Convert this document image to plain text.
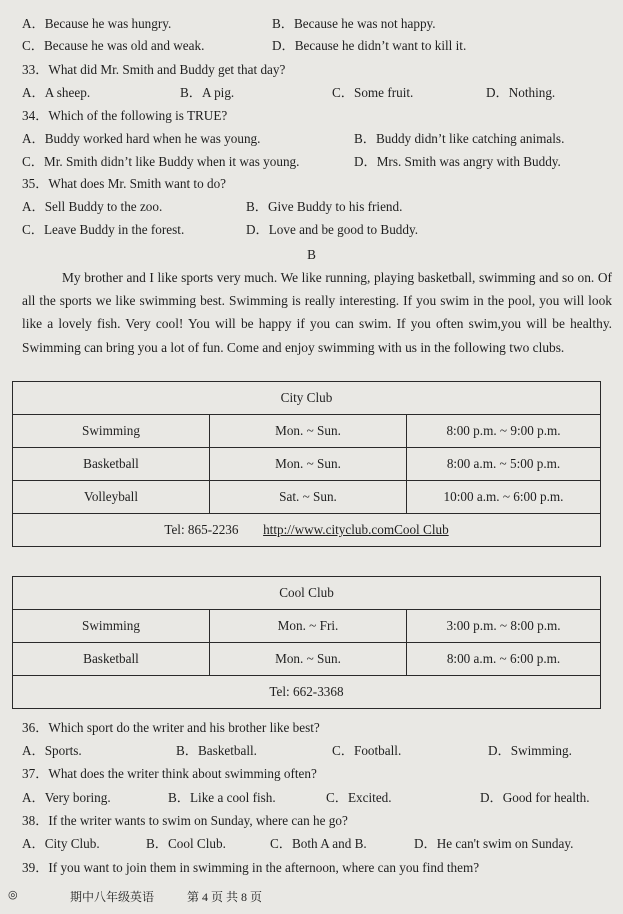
A．Because he was hungry.	B．Because he was not happy.
C．Because he was old and weak.	D．Because he didn’t want to kill it.
33．What did Mr. Smith and Buddy get that day?
A．A sheep.	B．A pig.	C．Some fruit.	D．Nothing.
34．Which of the following is TRUE?
A．Buddy worked hard when he was young.	B．Buddy didn’t like catching animals.
C．Mr. Smith didn’t like Buddy when it was young.	D．Mrs. Smith was angry with Buddy.
35．What does Mr. Smith want to do?
A．Sell Buddy to the zoo.	B．Give Buddy to his friend.
C．Leave Buddy in the forest.	D．Love and be good to Buddy.
B
My brother and I like sports very much. We like running, playing basketball, swimming and so on. Of all the sports we like swimming best. Swimming is really interesting. If you swim in the pool, you will look like a lovely fish. Very cool! You will be happy if you can swim. If you often swim,you will be healthy. Swimming can bring you a lot of fun. Come and enjoy swimming with us in the following two clubs.
City Club		
Swimming	Mon. ~ Sun.	8:00 p.m. ~ 9:00 p.m.
Basketball	Mon. ~ Sun.	8:00 a.m. ~ 5:00 p.m.
Volleyball	Sat. ~ Sun.	10:00 a.m. ~ 6:00 p.m.
Tel: 865-2236 http://www.cityclub.comCool Club		
Cool Club		
Swimming	Mon. ~ Fri.	3:00 p.m. ~ 8:00 p.m.
Basketball	Mon. ~ Sun.	8:00 a.m. ~ 6:00 p.m.
Tel: 662-3368		
36．Which sport do the writer and his brother like best?
A．Sports.	B．Basketball.	C．Football.	D．Swimming.
37．What does the writer think about swimming often?
A．Very boring.	B．Like a cool fish.	C．Excited.	D．Good for health.
38．If the writer wants to swim on Sunday, where can he go?
A．City Club.	B．Cool Club.	C．Both A and B.	D．He can't swim on Sunday.
39．If you want to join them in swimming in the afternoon, where can you find them?
◎	期中八年级英语	第 4 页 共 8 页
